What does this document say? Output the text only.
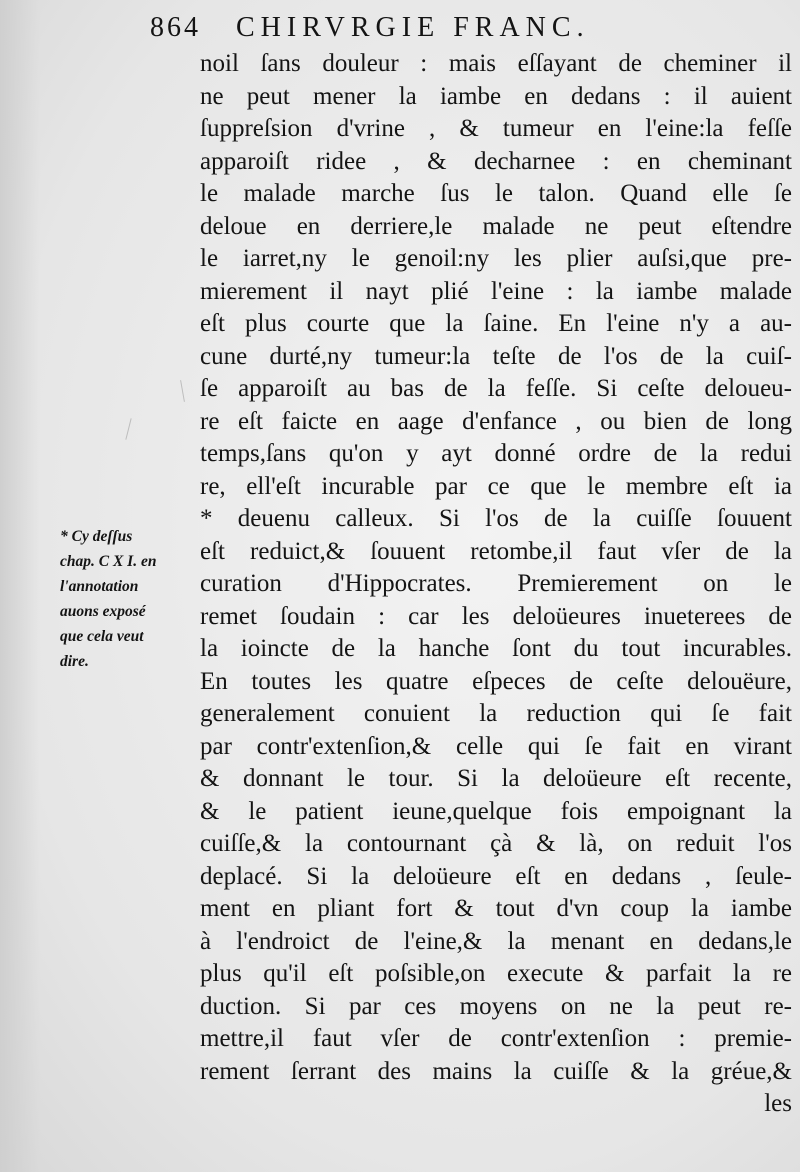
864 CHIRVRGIE FRANC.
noil ſans douleur : mais eſſayant de cheminer il
ne peut mener la iambe en dedans : il auient
ſuppreſsion d'vrine , & tumeur en l'eine:la feſſe
apparoiſt ridee , & decharnee : en cheminant
le malade marche ſus le talon. Quand elle ſe
deloue en derriere,le malade ne peut eſtendre
le iarret,ny le genoil:ny les plier auſsi,que pre-
mierement il nayt plié l'eine : la iambe malade
eſt plus courte que la ſaine. En l'eine n'y a au-
cune durté,ny tumeur:la teſte de l'os de la cuiſ-
ſe apparoiſt au bas de la feſſe. Si ceſte deloueu-
re eſt faicte en aage d'enfance , ou bien de long
temps,ſans qu'on y ayt donné ordre de la redui
re, ell'eſt incurable par ce que le membre eſt ia
* deuenu calleux. Si l'os de la cuiſſe ſouuent
eſt reduict,& ſouuent retombe,il faut vſer de la
curation d'Hippocrates. Premierement on le
remet ſoudain : car les deloüeures inueterees de
la ioincte de la hanche ſont du tout incurables.
En toutes les quatre eſpeces de ceſte delouëure,
generalement conuient la reduction qui ſe fait
par contr'extenſion,& celle qui ſe fait en virant
& donnant le tour. Si la deloüeure eſt recente,
& le patient ieune,quelque fois empoignant la
cuiſſe,& la contournant çà & là, on reduit l'os
deplacé. Si la deloüeure eſt en dedans , ſeule-
ment en pliant fort & tout d'vn coup la iambe
à l'endroict de l'eine,& la menant en dedans,le
plus qu'il eſt poſsible,on execute & parfait la re
duction. Si par ces moyens on ne la peut re-
mettre,il faut vſer de contr'extenſion : premie-
rement ſerrant des mains la cuiſſe & la gréue,&
les
* Cy deſſus
chap. C X I. en
l'annotation
auons exposé
que cela veut
dire.
